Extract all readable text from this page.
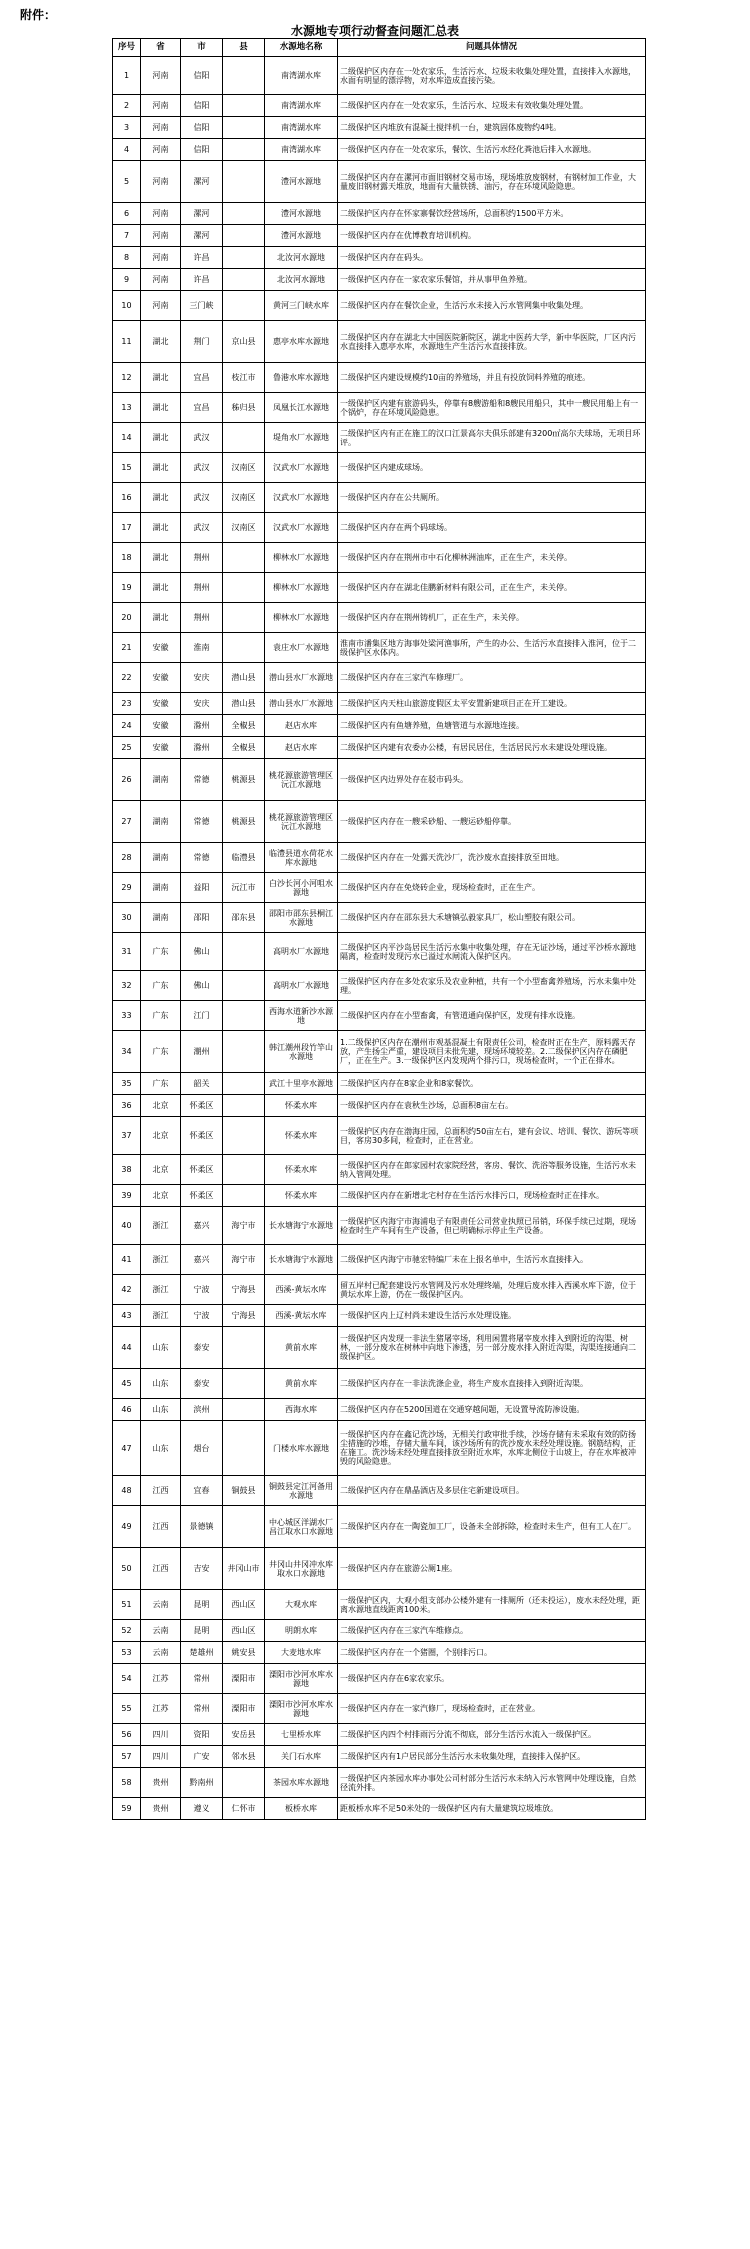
附件：
水源地专项行动督查问题汇总表
序号	省	市	县	水源地名称	问题具体情况
1	河南	信阳		南湾湖水库	二级保护区内存在一处农家乐，生活污水、垃圾未收集处理处置，直接排入水源地，水面有明显的漂浮物，对水库造成直接污染。
2	河南	信阳		南湾湖水库	二级保护区内存在一处农家乐，生活污水、垃圾未有效收集处理处置。
3	河南	信阳		南湾湖水库	二级保护区内堆放有混凝土搅拌机一台，建筑固体废物约4吨。
4	河南	信阳		南湾湖水库	一级保护区内存在一处农家乐，餐饮、生活污水经化粪池后排入水源地。
5	河南	漯河		澧河水源地	二级保护区内存在漯河市面旧钢材交易市场，现场堆放废钢材，有钢材加工作业，大量废旧钢材露天堆放，地面有大量铁锈、油污，存在环境风险隐患。
6	河南	漯河		澧河水源地	二级保护区内存在怀家寨餐饮经营场所，总面积约1500平方米。
7	河南	漯河		澧河水源地	一级保护区内存在优博教育培训机构。
8	河南	许昌		北汝河水源地	一级保护区内存在码头。
9	河南	许昌		北汝河水源地	一级保护区内存在一家农家乐餐馆，并从事甲鱼养殖。
10	河南	三门峡		黄河三门峡水库	二级保护区内存在餐饮企业，生活污水未接入污水管网集中收集处理。
11	湖北	荆门	京山县	惠亭水库水源地	二级保护区内存在湖北大中国医院新院区，湖北中医药大学，新中华医院，厂区内污水直接排入惠亭水库，水源地生产生活污水直接排放。
12	湖北	宜昌	枝江市	鲁港水库水源地	二级保护区内建设规模约10亩的养殖场，并且有投放饲料养殖的痕迹。
13	湖北	宜昌	秭归县	凤凰长江水源地	一级保护区内建有旅游码头，停靠有8艘游船和8艘民用船只，其中一艘民用船上有一个锅炉，存在环境风险隐患。
14	湖北	武汉		堤角水厂水源地	二级保护区内有正在施工的汉口江景高尔夫俱乐部建有3200㎡高尔夫球场，无项目环评。
15	湖北	武汉	汉南区	汉武水厂水源地	一级保护区内建成球场。
16	湖北	武汉	汉南区	汉武水厂水源地	一级保护区内存在公共厕所。
17	湖北	武汉	汉南区	汉武水厂水源地	二级保护区内存在两个码球场。
18	湖北	荆州		柳林水厂水源地	一级保护区内存在荆州市中石化柳林洲油库，正在生产，未关停。
19	湖北	荆州		柳林水厂水源地	一级保护区内存在湖北佳鹏新材料有限公司，正在生产，未关停。
20	湖北	荆州		柳林水厂水源地	一级保护区内存在荆州铸机厂，正在生产，未关停。
21	安徽	淮南		袁庄水厂水源地	淮南市潘集区地方海事处梁河渔事所，产生的办公、生活污水直接排入淮河，位于二级保护区水体内。
22	安徽	安庆	潜山县	潜山县水厂水源地	二级保护区内存在三家汽车修理厂。
23	安徽	安庆	潜山县	潜山县水厂水源地	二级保护区内天柱山旅游度假区太平安置新建项目正在开工建设。
24	安徽	滁州	全椒县	赵店水库	二级保护区内有鱼塘养殖，鱼塘管道与水源地连接。
25	安徽	滁州	全椒县	赵店水库	二级保护区内建有农委办公楼，有居民居住，生活居民污水未建设处理设施。
26	湖南	常德	桃源县	桃花源旅游管理区沅江水源地	一级保护区内边界处存在驳市码头。
27	湖南	常德	桃源县	桃花源旅游管理区沅江水源地	一级保护区内存在一艘采砂船、一艘运砂船停靠。
28	湖南	常德	临澧县	临澧县道水荷花水库水源地	二级保护区内存在一处露天洗沙厂，洗沙废水直接排放至田地。
29	湖南	益阳	沅江市	白沙长河小河咀水源地	二级保护区内存在免烧砖企业，现场检查时，正在生产。
30	湖南	邵阳	邵东县	邵阳市邵东县桐江水源地	二级保护区内存在邵东县大禾塘镇弘毅家具厂，松山塑胶有限公司。
31	广东	佛山		高明水厂水源地	二级保护区内平沙岛居民生活污水集中收集处理，存在无证沙场，通过平沙桥水源地隔离，检查时发现污水已溢过水闸流入保护区内。
32	广东	佛山		高明水厂水源地	二级保护区内存在多处农家乐及农业种植，共有一个小型畜禽养殖场，污水未集中处理。
33	广东	江门		西海水道新沙水源地	二级保护区内存在小型畜禽，有管道通向保护区，发现有排水设施。
34	广东	潮州		韩江潮州段竹竿山水源地	1.二级保护区内存在潮州市观基混凝土有限责任公司，检查时正在生产，原料露天存放，产生扬尘严重，建设项目未批先建，现场环境较差。2.二级保护区内存在磷肥厂，正在生产。3.一级保护区内发现两个排污口，现场检查时，一个正在排水。
35	广东	韶关		武江十里亭水源地	二级保护区内存在8家企业和8家餐饮。
36	北京	怀柔区		怀柔水库	一级保护区内存在袁秋生沙场，总面积8亩左右。
37	北京	怀柔区		怀柔水库	一级保护区内存在渤海庄园，总面积约50亩左右，建有会议、培训、餐饮、游玩等项目，客房30多间，检查时，正在营业。
38	北京	怀柔区		怀柔水库	一级保护区内存在郎家园村农家院经营，客房、餐饮、洗浴等服务设施，生活污水未纳入管网处理。
39	北京	怀柔区		怀柔水库	二级保护区内存在新增北宅村存在生活污水排污口，现场检查时正在排水。
40	浙江	嘉兴	海宁市	长水塘海宁水源地	一级保护区内海宁市海浦电子有限责任公司营业执照已吊销，环保手续已过期，现场检查时生产车间有生产设备，但已明确标示停止生产设备。
41	浙江	嘉兴	海宁市	长水塘海宁水源地	二级保护区内海宁市驰宏特编厂未在上报名单中，生活污水直接排入。
42	浙江	宁波	宁海县	西溪-黄坛水库	留五岸村已配套建设污水管网及污水处理终端，处理后废水排入西溪水库下游，位于黄坛水库上游，仍在一级保护区内。
43	浙江	宁波	宁海县	西溪-黄坛水库	一级保护区内上辽村尚未建设生活污水处理设施。
44	山东	泰安		黄前水库	一级保护区内发现一非法生猪屠宰场，利用闲置将屠宰废水排入到附近的沟渠、树林，一部分废水在树林中向地下渗透，另一部分废水排入附近沟渠，沟渠连接通向二级保护区。
45	山东	泰安		黄前水库	二级保护区内存在一非法洗涤企业，将生产废水直接排入到附近沟渠。
46	山东	滨州		西海水库	二级保护区内存在5200国道在交通穿越间题，无设置导流防渗设施。
47	山东	烟台		门楼水库水源地	一级保护区内存在鑫记洗沙场，无相关行政审批手续，沙场存储有未采取有效的防扬尘措施的沙堆，存储大量车间，该沙场所有的洗沙废水未经处理设施。钢筋结构，正在施工。洗沙场未经处理直接排放至附近水库，水库北侧位于山坡上，存在水库被冲毁的风险隐患。
48	江西	宜春	铜鼓县	铜鼓县定江河备用水源地	二级保护区内存在鼎晶酒店及多层住宅新建设项目。
49	江西	景德镇		中心城区洋湖水厂昌江取水口水源地	二级保护区内存在一陶瓷加工厂，设备未全部拆除，检查时未生产，但有工人在厂。
50	江西	吉安	井冈山市	井冈山井冈冲水库取水口水源地	一级保护区内存在旅游公厕1座。
51	云南	昆明	西山区	大观水库	一级保护区内，大观小组支部办公楼外建有一排厕所（还未投运），废水未经处理，距离水源地直线距离100米。
52	云南	昆明	西山区	明朗水库	二级保护区内存在三家汽车维修点。
53	云南	楚雄州	姚安县	大麦地水库	二级保护区内存在一个猪圈，个别排污口。
54	江苏	常州	溧阳市	溧阳市沙河水库水源地	一级保护区内存在6家农家乐。
55	江苏	常州	溧阳市	溧阳市沙河水库水源地	一级保护区内存在一家汽修厂，现场检查时，正在营业。
56	四川	资阳	安岳县	七里桥水库	二级保护区内四个村排雨污分流不彻底，部分生活污水流入一级保护区。
57	四川	广安	邻水县	关门石水库	二级保护区内有1户居民部分生活污水未收集处理，直接排入保护区。
58	贵州	黔南州		茶园水库水源地	一级保护区内茶园水库办事处公司村部分生活污水未纳入污水管网中处理设施，自然径流外排。
59	贵州	遵义	仁怀市	板桥水库	距板桥水库不足50米处的一级保护区内有大量建筑垃圾堆放。
